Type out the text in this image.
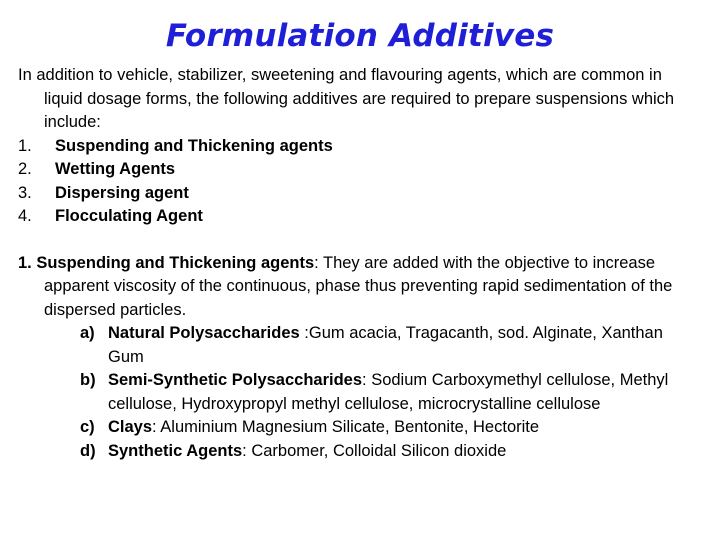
Formulation Additives

In addition to vehicle, stabilizer, sweetening and flavouring agents, which are common in liquid dosage forms, the following additives are required to prepare suspensions which include:

1. Suspending and Thickening agents
2. Wetting Agents
3. Dispersing agent
4. Flocculating Agent

1. Suspending and Thickening agents: They are added with the objective to increase apparent viscosity of the continuous, phase thus preventing rapid sedimentation of the dispersed particles.

a) Natural Polysaccharides :Gum acacia, Tragacanth, sod. Alginate, Xanthan Gum
b) Semi-Synthetic Polysaccharides: Sodium Carboxymethyl cellulose, Methyl cellulose, Hydroxypropyl methyl cellulose, microcrystalline cellulose
c) Clays: Aluminium Magnesium Silicate, Bentonite, Hectorite
d) Synthetic Agents: Carbomer, Colloidal Silicon dioxide
